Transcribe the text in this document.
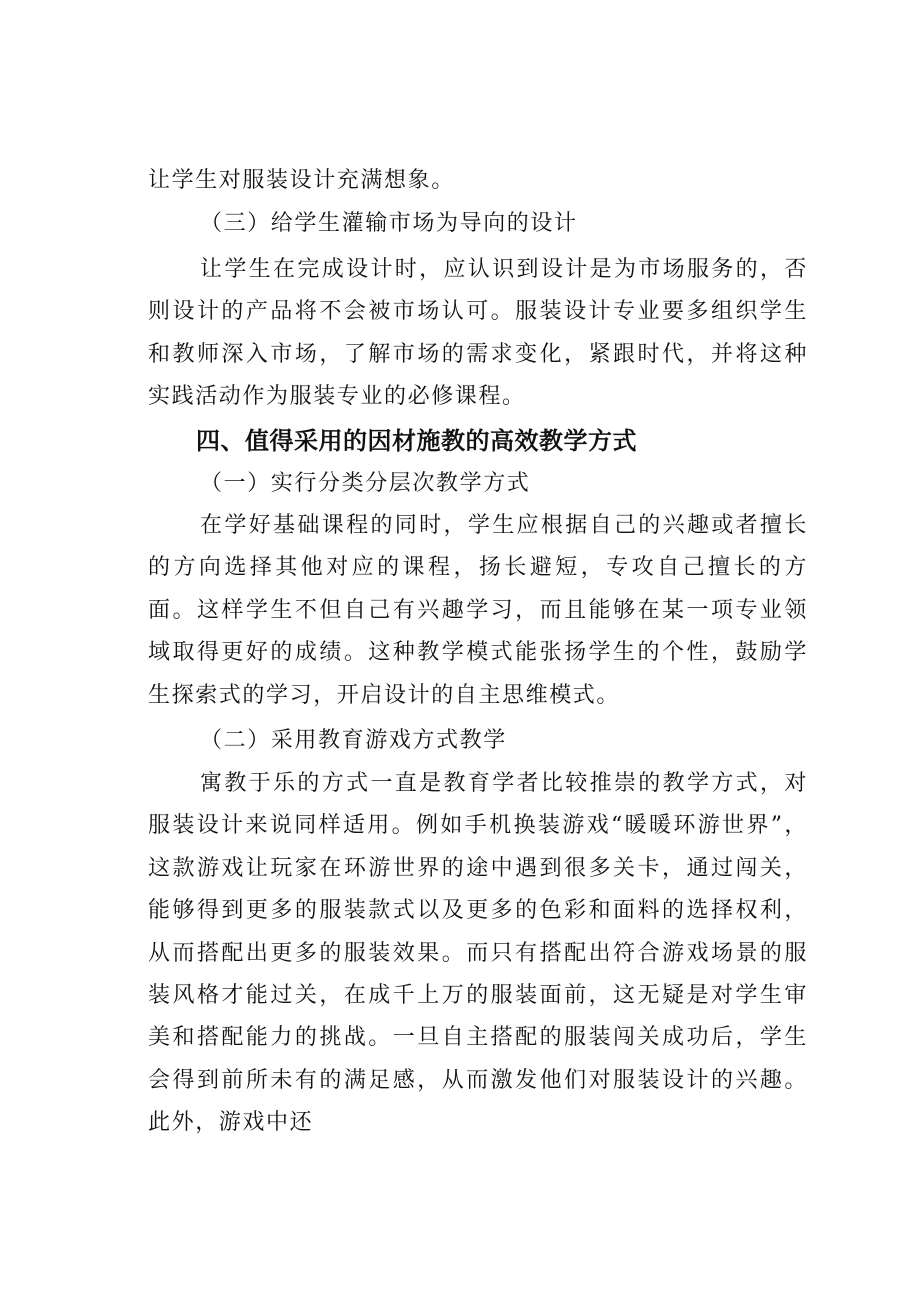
让学生对服装设计充满想象。

（三）给学生灌输市场为导向的设计

让学生在完成设计时，应认识到设计是为市场服务的，否则设计的产品将不会被市场认可。服装设计专业要多组织学生和教师深入市场，了解市场的需求变化，紧跟时代，并将这种实践活动作为服装专业的必修课程。

四、值得采用的因材施教的高效教学方式

（一）实行分类分层次教学方式

在学好基础课程的同时，学生应根据自己的兴趣或者擅长的方向选择其他对应的课程，扬长避短，专攻自己擅长的方面。这样学生不但自己有兴趣学习，而且能够在某一项专业领域取得更好的成绩。这种教学模式能张扬学生的个性，鼓励学生探索式的学习，开启设计的自主思维模式。

（二）采用教育游戏方式教学

寓教于乐的方式一直是教育学者比较推崇的教学方式，对服装设计来说同样适用。例如手机换装游戏“暖暖环游世界”，这款游戏让玩家在环游世界的途中遇到很多关卡，通过闯关，能够得到更多的服装款式以及更多的色彩和面料的选择权利，从而搭配出更多的服装效果。而只有搭配出符合游戏场景的服装风格才能过关，在成千上万的服装面前，这无疑是对学生审美和搭配能力的挑战。一旦自主搭配的服装闯关成功后，学生会得到前所未有的满足感，从而激发他们对服装设计的兴趣。此外，游戏中还
